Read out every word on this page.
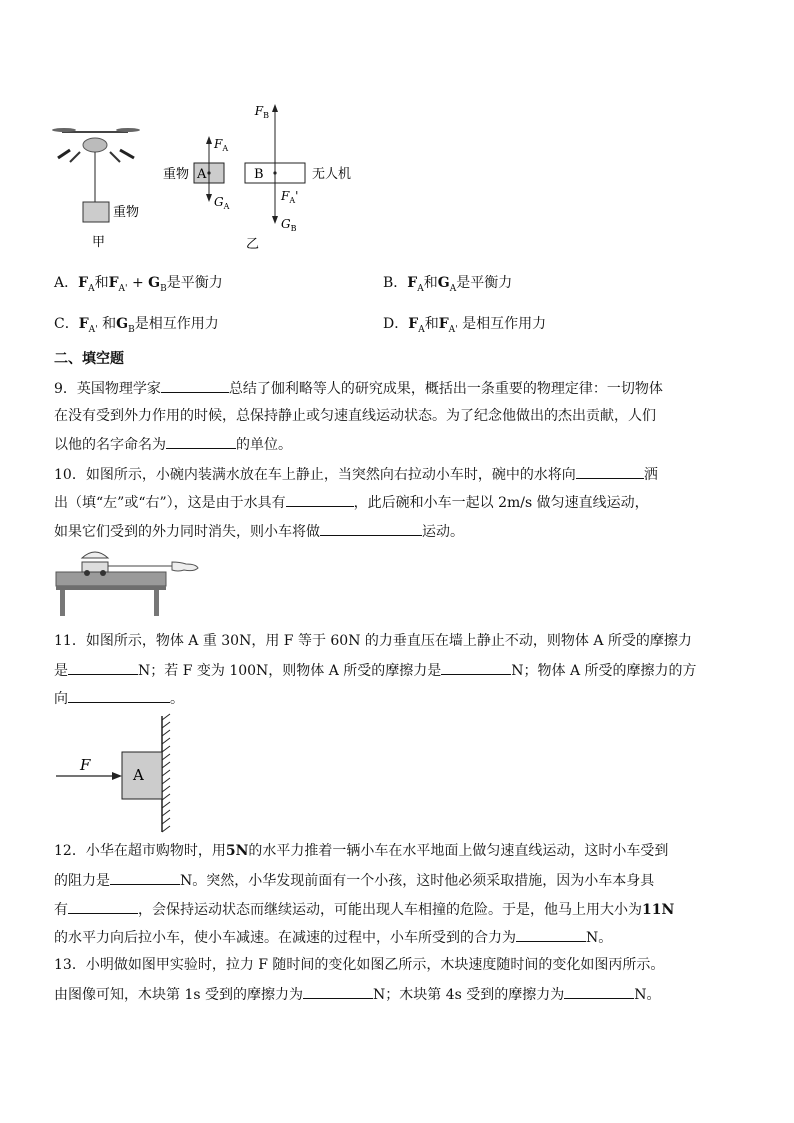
重物
甲
重物 A
$F_A$
$G_A$
B
$F_B$
$F_A'$
$G_B$
无人机
乙
A．$F_A$和$F_{A'} + G_B$是平衡力	B．$F_A$和$G_A$是平衡力
C．$F_{A'}$ 和$G_B$是相互作用力	D．$F_A$和$F_{A'}$ 是相互作用力
二、填空题
9．英国物理学家	总结了伽利略等人的研究成果，概括出一条重要的物理定律：一切物体
在没有受到外力作用的时候，总保持静止或匀速直线运动状态。为了纪念他做出的杰出贡献，人们
以他的名字命名为	的单位。
10．如图所示，小碗内装满水放在车上静止，当突然向右拉动小车时，碗中的水将向	洒
出（填“左”或“右”），这是由于水具有	，此后碗和小车一起以 2m/s 做匀速直线运动，
如果它们受到的外力同时消失，则小车将做	运动。
11．如图所示，物体 A 重 30N，用 F 等于 60N 的力垂直压在墙上静止不动，则物体 A 所受的摩擦力
是	N；若 F 变为 100N，则物体 A 所受的摩擦力是	N；物体 A 所受的摩擦力的方
向	。
A
F
12．小华在超市购物时，用5N的水平力推着一辆小车在水平地面上做匀速直线运动，这时小车受到
的阻力是	N。突然，小华发现前面有一个小孩，这时他必须采取措施，因为小车本身具
有	，会保持运动状态而继续运动，可能出现人车相撞的危险。于是，他马上用大小为11N
的水平力向后拉小车，使小车减速。在减速的过程中，小车所受到的合力为	N。
13．小明做如图甲实验时，拉力 F 随时间的变化如图乙所示，木块速度随时间的变化如图丙所示。
由图像可知，木块第 1s 受到的摩擦力为	N；木块第 4s 受到的摩擦力为	N。
